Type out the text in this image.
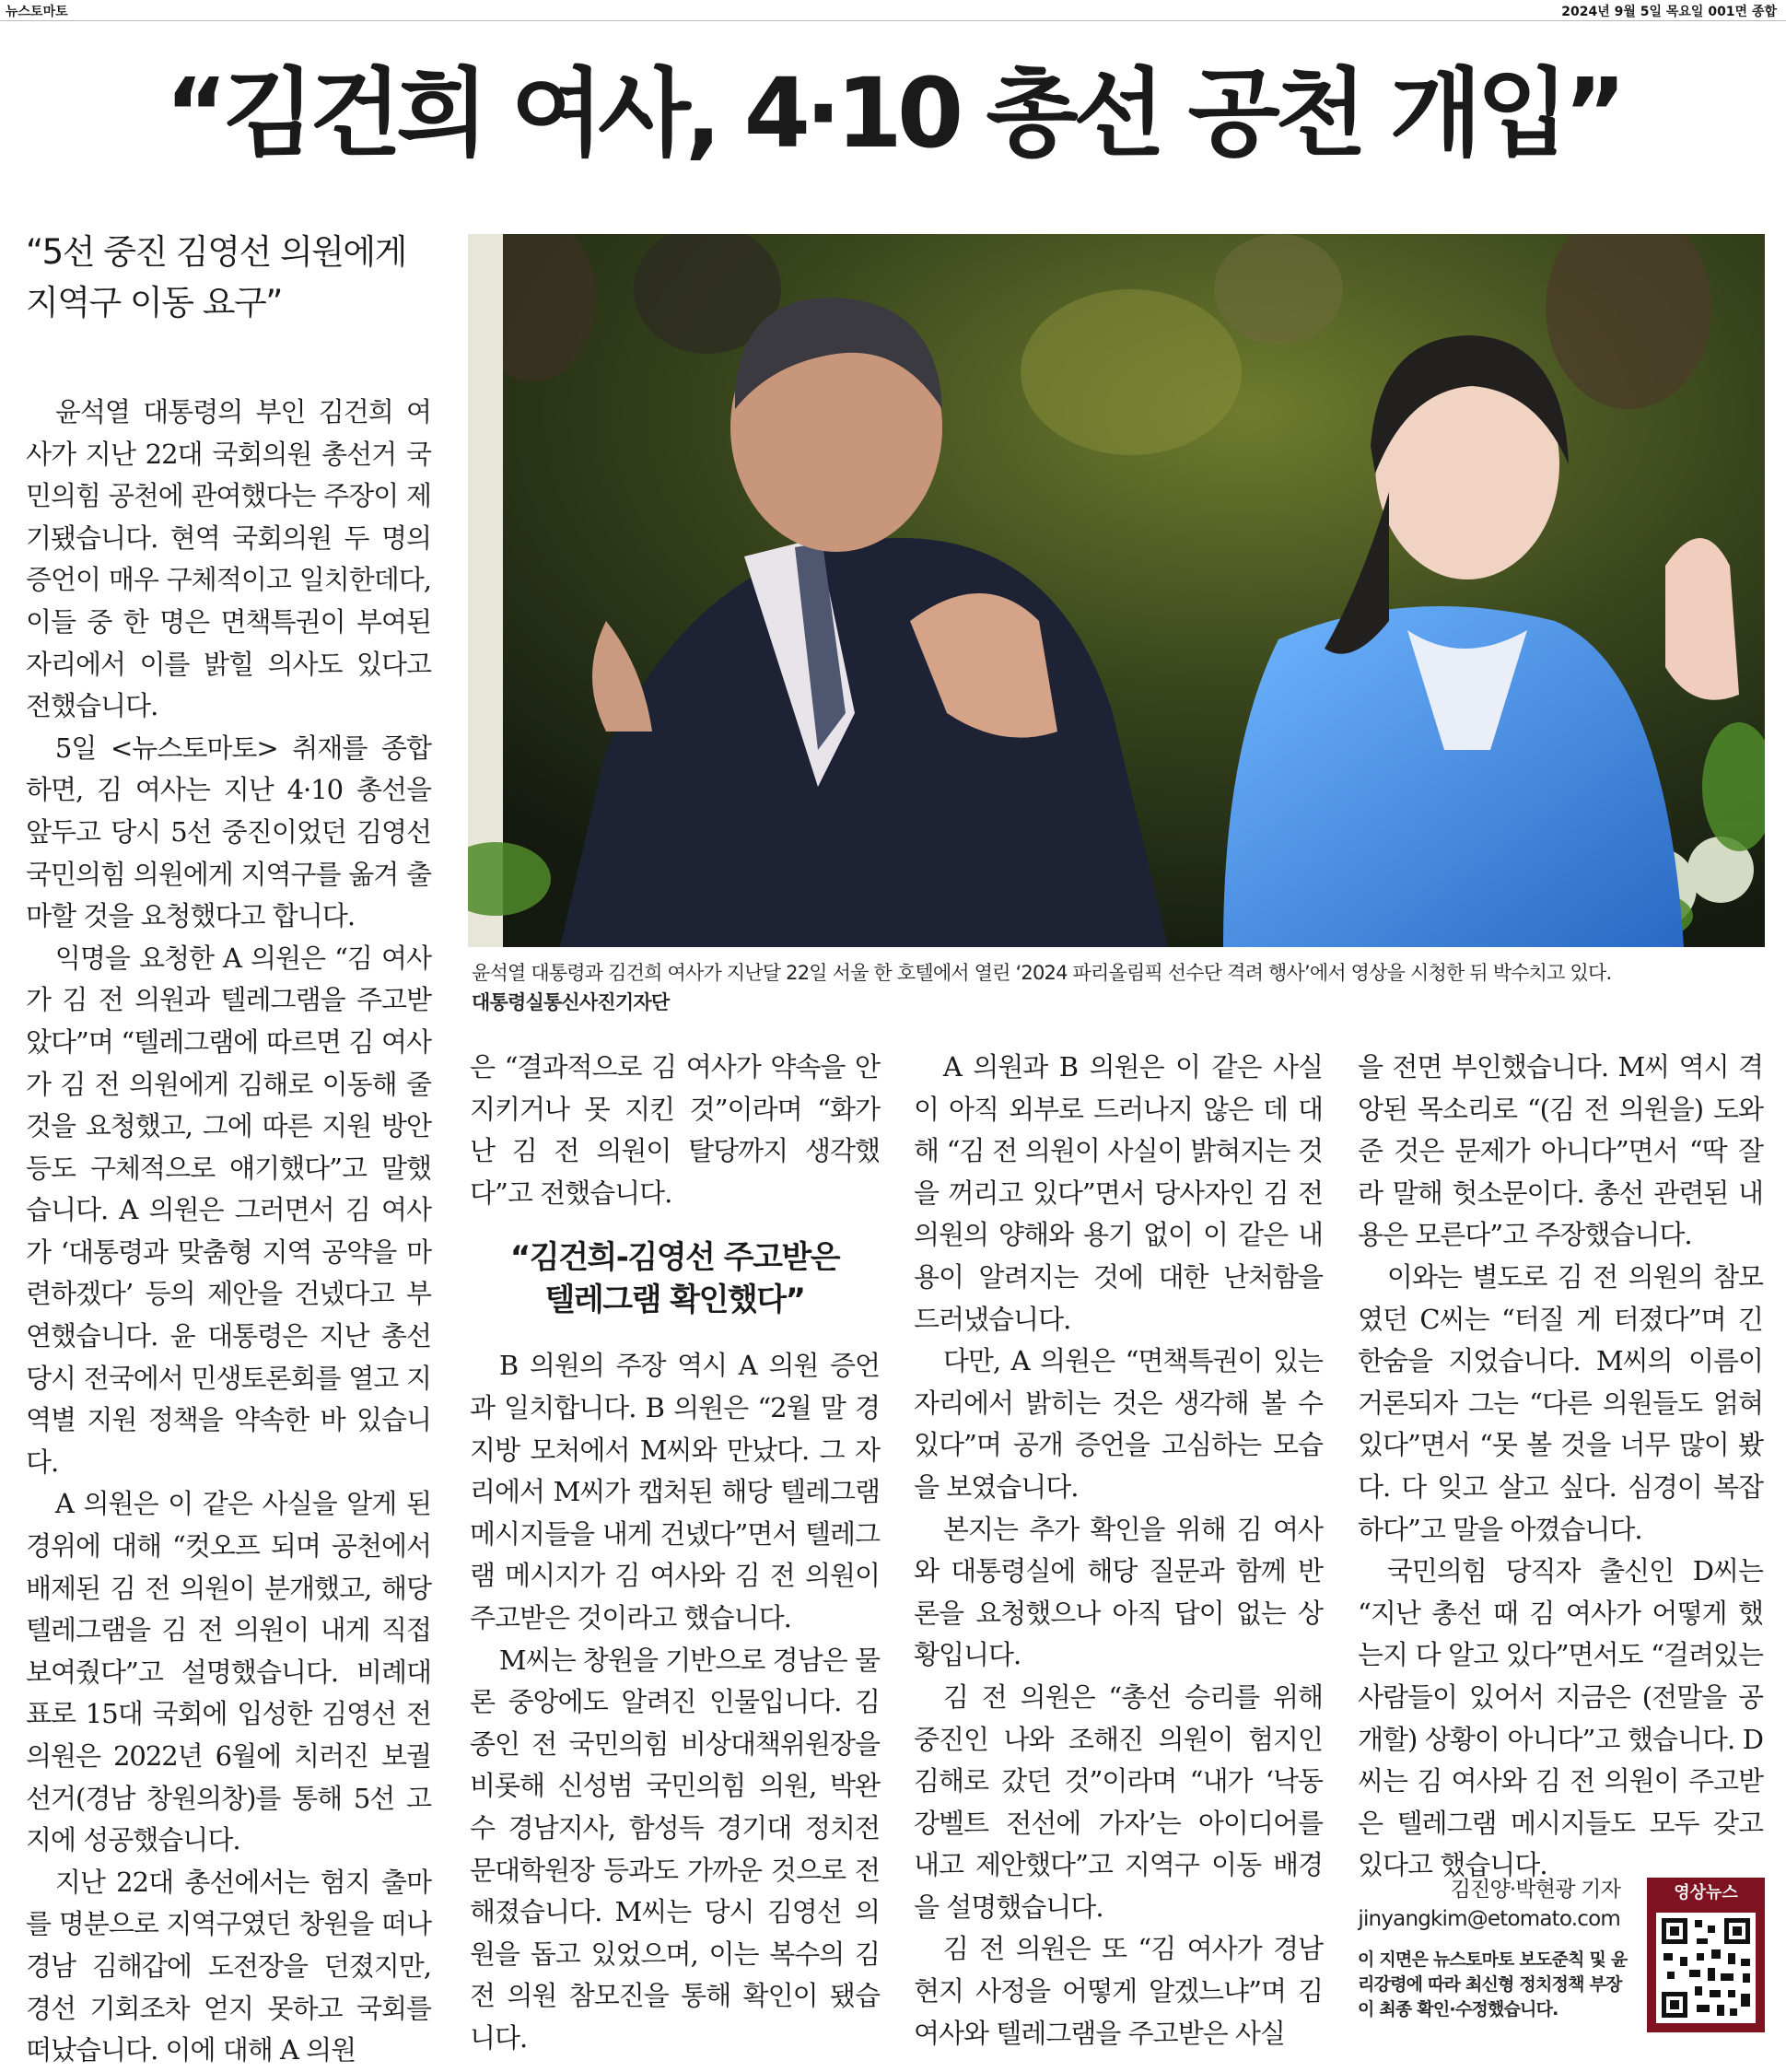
뉴스토마토	2024년 9월 5일 목요일 001면 종합
“김건희 여사, 4·10 총선 공천 개입”
“5선 중진 김영선 의원에게
지역구 이동 요구”

윤석열 대통령의 부인 김건희 여사가 지난 22대 국회의원 총선거 국민의힘 공천에 관여했다는 주장이 제기됐습니다. 현역 국회의원 두 명의 증언이 매우 구체적이고 일치한데다, 이들 중 한 명은 면책특권이 부여된 자리에서 이를 밝힐 의사도 있다고 전했습니다.

5일 <뉴스토마토> 취재를 종합하면, 김 여사는 지난 4·10 총선을 앞두고 당시 5선 중진이었던 김영선 국민의힘 의원에게 지역구를 옮겨 출마할 것을 요청했다고 합니다.

익명을 요청한 A 의원은 “김 여사가 김 전 의원과 텔레그램을 주고받았다”며 “텔레그램에 따르면 김 여사가 김 전 의원에게 김해로 이동해 줄 것을 요청했고, 그에 따른 지원 방안 등도 구체적으로 얘기했다”고 말했습니다. A 의원은 그러면서 김 여사가 ‘대통령과 맞춤형 지역 공약을 마련하겠다’ 등의 제안을 건넸다고 부연했습니다. 윤 대통령은 지난 총선 당시 전국에서 민생토론회를 열고 지역별 지원 정책을 약속한 바 있습니다.

A 의원은 이 같은 사실을 알게 된 경위에 대해 “컷오프 되며 공천에서 배제된 김 전 의원이 분개했고, 해당 텔레그램을 김 전 의원이 내게 직접 보여줬다”고 설명했습니다. 비례대표로 15대 국회에 입성한 김영선 전 의원은 2022년 6월에 치러진 보궐선거(경남 창원의창)를 통해 5선 고지에 성공했습니다.

지난 22대 총선에서는 험지 출마를 명분으로 지역구였던 창원을 떠나 경남 김해갑에 도전장을 던졌지만, 경선 기회조차 얻지 못하고 국회를 떠났습니다. 이에 대해 A 의원

윤석열 대통령과 김건희 여사가 지난달 22일 서울 한 호텔에서 열린 ‘2024 파리올림픽 선수단 격려 행사’에서 영상을 시청한 뒤 박수치고 있다.
대통령실통신사진기자단

은 “결과적으로 김 여사가 약속을 안 지키거나 못 지킨 것”이라며 “화가 난 김 전 의원이 탈당까지 생각했다”고 전했습니다.

“김건희-김영선 주고받은
텔레그램 확인했다”

B 의원의 주장 역시 A 의원 증언과 일치합니다. B 의원은 “2월 말 경지방 모처에서 M씨와 만났다. 그 자리에서 M씨가 캡처된 해당 텔레그램 메시지들을 내게 건넸다”면서 텔레그램 메시지가 김 여사와 김 전 의원이 주고받은 것이라고 했습니다.

M씨는 창원을 기반으로 경남은 물론 중앙에도 알려진 인물입니다. 김종인 전 국민의힘 비상대책위원장을 비롯해 신성범 국민의힘 의원, 박완수 경남지사, 함성득 경기대 정치전문대학원장 등과도 가까운 것으로 전해졌습니다. M씨는 당시 김영선 의원을 돕고 있었으며, 이는 복수의 김 전 의원 참모진을 통해 확인이 됐습니다.

A 의원과 B 의원은 이 같은 사실이 아직 외부로 드러나지 않은 데 대해 “김 전 의원이 사실이 밝혀지는 것을 꺼리고 있다”면서 당사자인 김 전 의원의 양해와 용기 없이 이 같은 내용이 알려지는 것에 대한 난처함을 드러냈습니다.

다만, A 의원은 “면책특권이 있는 자리에서 밝히는 것은 생각해 볼 수 있다”며 공개 증언을 고심하는 모습을 보였습니다.

본지는 추가 확인을 위해 김 여사와 대통령실에 해당 질문과 함께 반론을 요청했으나 아직 답이 없는 상황입니다.

김 전 의원은 “총선 승리를 위해 중진인 나와 조해진 의원이 험지인 김해로 갔던 것”이라며 “내가 ‘낙동강벨트 전선에 가자’는 아이디어를 내고 제안했다”고 지역구 이동 배경을 설명했습니다.

김 전 의원은 또 “김 여사가 경남 현지 사정을 어떻게 알겠느냐”며 김 여사와 텔레그램을 주고받은 사실

을 전면 부인했습니다. M씨 역시 격앙된 목소리로 “(김 전 의원을) 도와준 것은 문제가 아니다”면서 “딱 잘라 말해 헛소문이다. 총선 관련된 내용은 모른다”고 주장했습니다.

이와는 별도로 김 전 의원의 참모였던 C씨는 “터질 게 터졌다”며 긴 한숨을 지었습니다. M씨의 이름이 거론되자 그는 “다른 의원들도 얽혀 있다”면서 “못 볼 것을 너무 많이 봤다. 다 잊고 살고 싶다. 심경이 복잡하다”고 말을 아꼈습니다.

국민의힘 당직자 출신인 D씨는 “지난 총선 때 김 여사가 어떻게 했는지 다 알고 있다”면서도 “걸려있는 사람들이 있어서 지금은 (전말을 공개할) 상황이 아니다”고 했습니다. D씨는 김 여사와 김 전 의원이 주고받은 텔레그램 메시지들도 모두 갖고 있다고 했습니다.

김진양·박현광 기자
jinyangkim@etomato.com
이 지면은 뉴스토마토 보도준칙 및 윤리강령에 따라 최신형 정치정책 부장이 최종 확인·수정했습니다.
영상뉴스
